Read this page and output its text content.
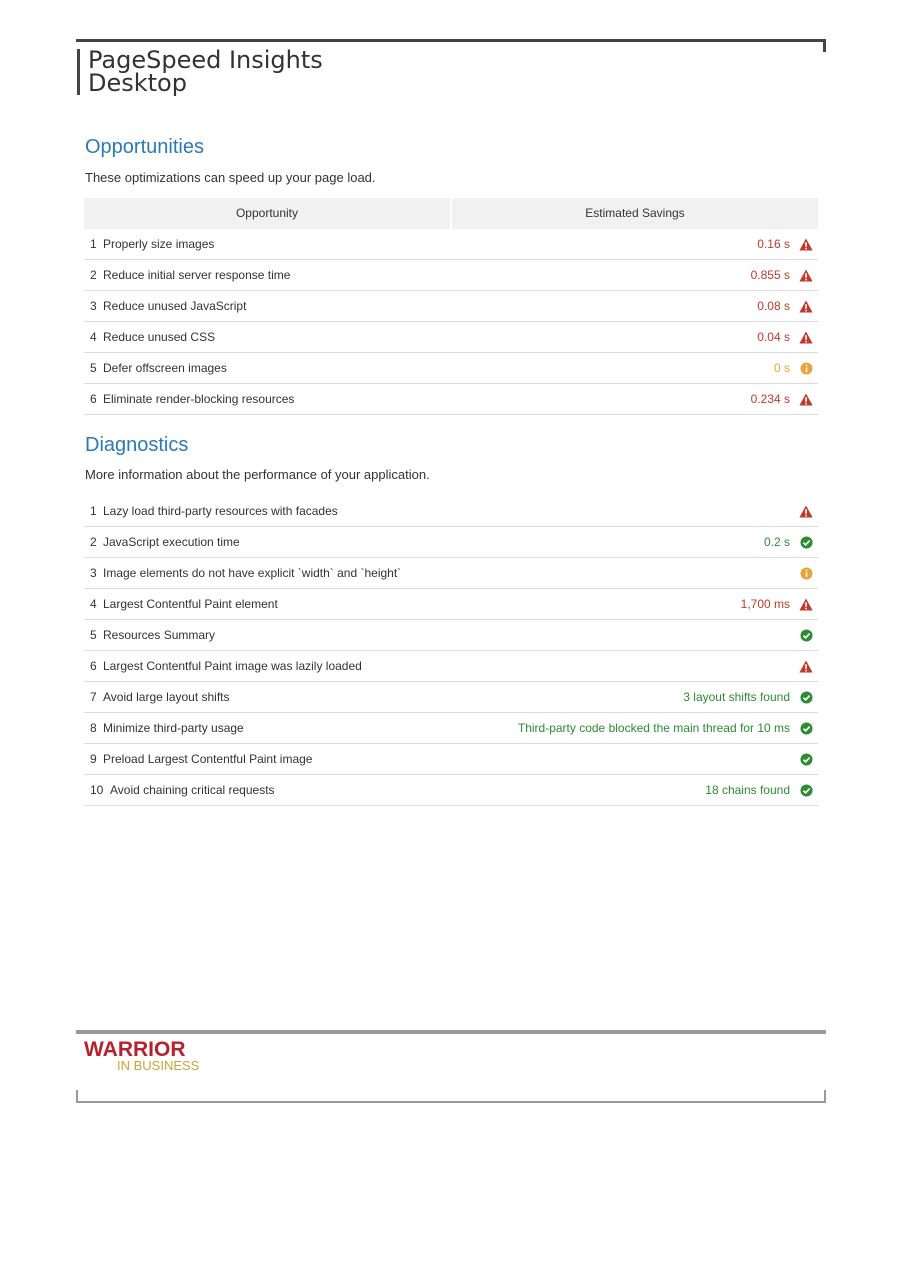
PageSpeed Insights
Desktop
Opportunities
These optimizations can speed up your page load.
Opportunity	Estimated Savings
1 Properly size images	0.16 s
2 Reduce initial server response time	0.855 s
3 Reduce unused JavaScript	0.08 s
4 Reduce unused CSS	0.04 s
5 Defer offscreen images	0 s
6 Eliminate render-blocking resources	0.234 s
Diagnostics
More information about the performance of your application.
1 Lazy load third-party resources with facades
2 JavaScript execution time	0.2 s
3 Image elements do not have explicit `width` and `height`
4 Largest Contentful Paint element	1,700 ms
5 Resources Summary
6 Largest Contentful Paint image was lazily loaded
7 Avoid large layout shifts	3 layout shifts found
8 Minimize third-party usage	Third-party code blocked the main thread for 10 ms
9 Preload Largest Contentful Paint image
10 Avoid chaining critical requests	18 chains found
WARRIOR
IN BUSINESS
